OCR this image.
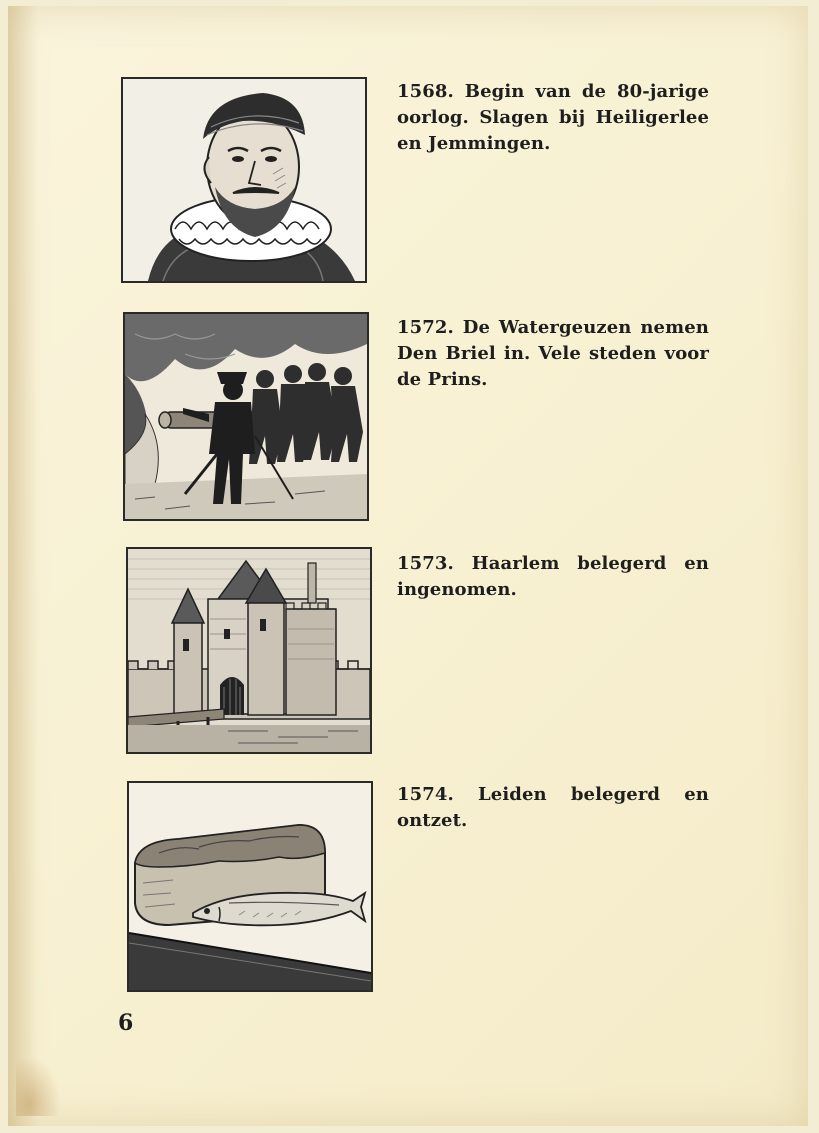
1568. Begin van de 80-jarige oorlog. Slagen bij Heiligerlee en Jemmingen.
1572. De Watergeuzen nemen Den Briel in. Vele steden voor de Prins.
1573. Haarlem belegerd en ingenomen.
1574. Leiden belegerd en ontzet.
6
